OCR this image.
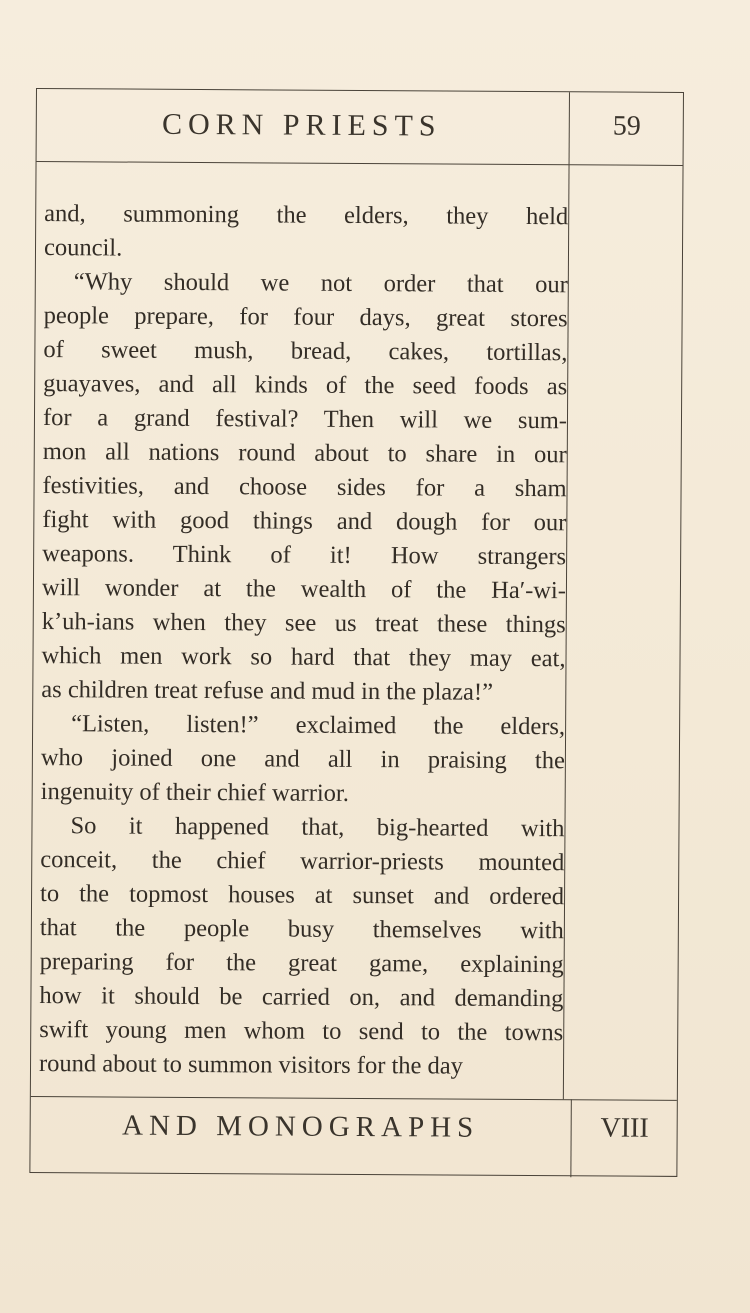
CORN PRIESTS	59
and, summoning the elders, they held
council.
“Why should we not order that our
people prepare, for four days, great stores
of sweet mush, bread, cakes, tortillas,
guayaves, and all kinds of the seed foods as
for a grand festival? Then will we sum-
mon all nations round about to share in our
festivities, and choose sides for a sham
fight with good things and dough for our
weapons. Think of it! How strangers
will wonder at the wealth of the Ha′-wi-
k’uh-ians when they see us treat these things
which men work so hard that they may eat,
as children treat refuse and mud in the plaza!”
“Listen, listen!” exclaimed the elders,
who joined one and all in praising the
ingenuity of their chief warrior.
So it happened that, big-hearted with
conceit, the chief warrior-priests mounted
to the topmost houses at sunset and ordered
that the people busy themselves with
preparing for the great game, explaining
how it should be carried on, and demanding
swift young men whom to send to the towns
round about to summon visitors for the day
AND MONOGRAPHS	VIII
